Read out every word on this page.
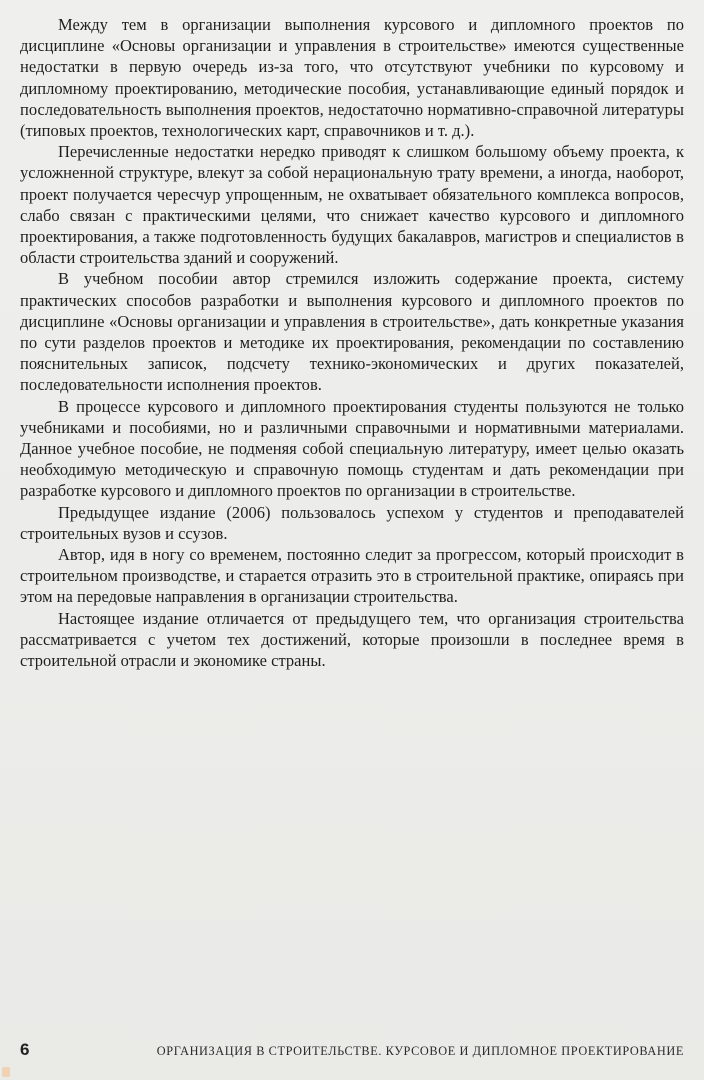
Между тем в организации выполнения курсового и дипломного проектов по дисциплине «Основы организации и управления в строительстве» имеются существенные недостатки в первую очередь из-за того, что отсутствуют учебники по курсовому и дипломному проектированию, методические пособия, устанавливающие единый порядок и последовательность выполнения проектов, недостаточно нормативно-справочной литературы (типовых проектов, технологических карт, справочников и т. д.).

Перечисленные недостатки нередко приводят к слишком большому объему проекта, к усложненной структуре, влекут за собой нерациональную трату времени, а иногда, наоборот, проект получается чересчур упрощенным, не охватывает обязательного комплекса вопросов, слабо связан с практическими целями, что снижает качество курсового и дипломного проектирования, а также подготовленность будущих бакалавров, магистров и специалистов в области строительства зданий и сооружений.

В учебном пособии автор стремился изложить содержание проекта, систему практических способов разработки и выполнения курсового и дипломного проектов по дисциплине «Основы организации и управления в строительстве», дать конкретные указания по сути разделов проектов и методике их проектирования, рекомендации по составлению пояснительных записок, подсчету технико-экономических и других показателей, последовательности исполнения проектов.

В процессе курсового и дипломного проектирования студенты пользуются не только учебниками и пособиями, но и различными справочными и нормативными материалами. Данное учебное пособие, не подменяя собой специальную литературу, имеет целью оказать необходимую методическую и справочную помощь студентам и дать рекомендации при разработке курсового и дипломного проектов по организации в строительстве.

Предыдущее издание (2006) пользовалось успехом у студентов и преподавателей строительных вузов и ссузов.

Автор, идя в ногу со временем, постоянно следит за прогрессом, который происходит в строительном производстве, и старается отразить это в строительной практике, опираясь при этом на передовые направления в организации строительства.

Настоящее издание отличается от предыдущего тем, что организация строительства рассматривается с учетом тех достижений, которые произошли в последнее время в строительной отрасли и экономике страны.

6	ОРГАНИЗАЦИЯ В СТРОИТЕЛЬСТВЕ. КУРСОВОЕ И ДИПЛОМНОЕ ПРОЕКТИРОВАНИЕ
